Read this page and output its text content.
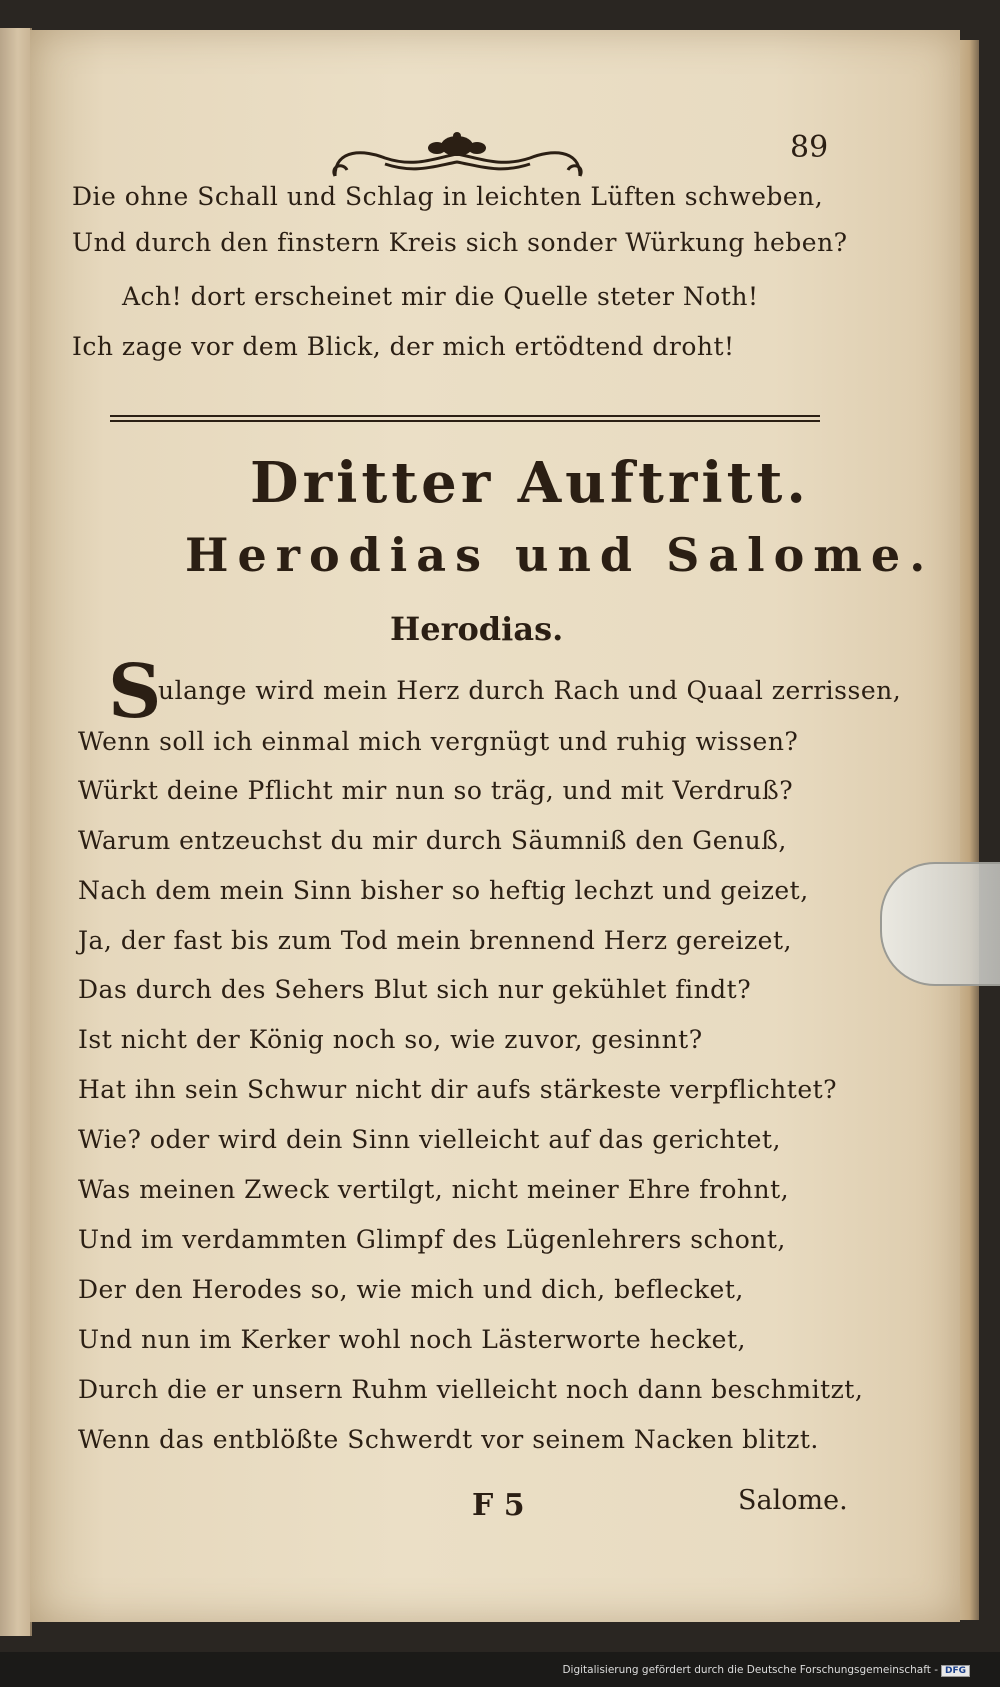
89
Die ohne Schall und Schlag in leichten Lüften schweben,
Und durch den finstern Kreis sich sonder Würkung heben?
Ach! dort erscheinet mir die Quelle steter Noth!
Ich zage vor dem Blick, der mich ertödtend droht!
Dritter Auftritt.
Herodias und Salome.
Herodias.
S
ulange wird mein Herz durch Rach und Quaal zerrissen,
Wenn soll ich einmal mich vergnügt und ruhig wissen?
Würkt deine Pflicht mir nun so träg, und mit Verdruß?
Warum entzeuchst du mir durch Säumniß den Genuß,
Nach dem mein Sinn bisher so heftig lechzt und geizet,
Ja, der fast bis zum Tod mein brennend Herz gereizet,
Das durch des Sehers Blut sich nur gekühlet findt?
Ist nicht der König noch so, wie zuvor, gesinnt?
Hat ihn sein Schwur nicht dir aufs stärkeste verpflichtet?
Wie? oder wird dein Sinn vielleicht auf das gerichtet,
Was meinen Zweck vertilgt, nicht meiner Ehre frohnt,
Und im verdammten Glimpf des Lügenlehrers schont,
Der den Herodes so, wie mich und dich, beflecket,
Und nun im Kerker wohl noch Lästerworte hecket,
Durch die er unsern Ruhm vielleicht noch dann beschmitzt,
Wenn das entblößte Schwerdt vor seinem Nacken blitzt.
F 5	Salome.
Digitalisierung gefördert durch die Deutsche Forschungsgemeinschaft - DFG
